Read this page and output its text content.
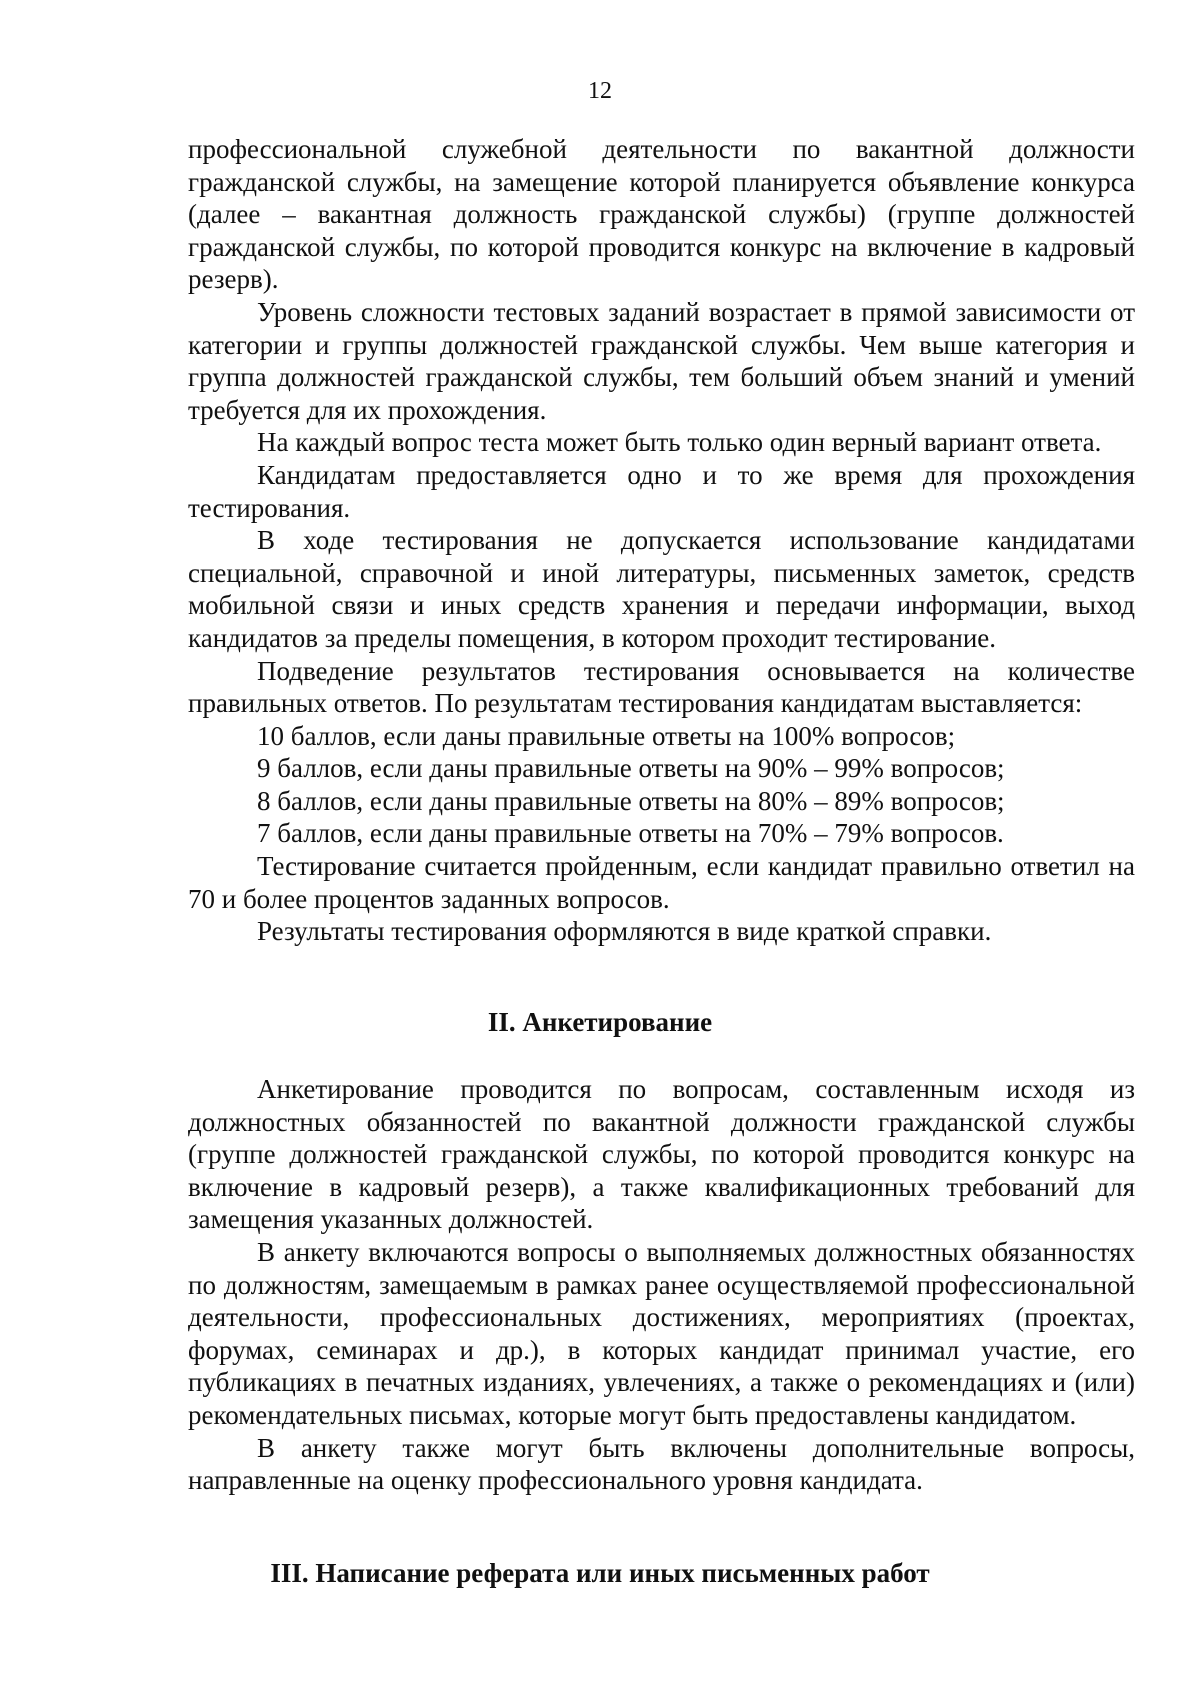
12

профессиональной служебной деятельности по вакантной должности гражданской службы, на замещение которой планируется объявление конкурса (далее – вакантная должность гражданской службы) (группе должностей гражданской службы, по которой проводится конкурс на включение в кадровый резерв).

Уровень сложности тестовых заданий возрастает в прямой зависимости от категории и группы должностей гражданской службы. Чем выше категория и группа должностей гражданской службы, тем больший объем знаний и умений требуется для их прохождения.

На каждый вопрос теста может быть только один верный вариант ответа.

Кандидатам предоставляется одно и то же время для прохождения тестирования.

В ходе тестирования не допускается использование кандидатами специальной, справочной и иной литературы, письменных заметок, средств мобильной связи и иных средств хранения и передачи информации, выход кандидатов за пределы помещения, в котором проходит тестирование.

Подведение результатов тестирования основывается на количестве правильных ответов. По результатам тестирования кандидатам выставляется:

10 баллов, если даны правильные ответы на 100% вопросов;

9 баллов, если даны правильные ответы на 90% – 99% вопросов;

8 баллов, если даны правильные ответы на 80% – 89% вопросов;

7 баллов, если даны правильные ответы на 70% – 79% вопросов.

Тестирование считается пройденным, если кандидат правильно ответил на 70 и более процентов заданных вопросов.

Результаты тестирования оформляются в виде краткой справки.

II. Анкетирование

Анкетирование проводится по вопросам, составленным исходя из должностных обязанностей по вакантной должности гражданской службы (группе должностей гражданской службы, по которой проводится конкурс на включение в кадровый резерв), а также квалификационных требований для замещения указанных должностей.

В анкету включаются вопросы о выполняемых должностных обязанностях по должностям, замещаемым в рамках ранее осуществляемой профессиональной деятельности, профессиональных достижениях, мероприятиях (проектах, форумах, семинарах и др.), в которых кандидат принимал участие, его публикациях в печатных изданиях, увлечениях, а также о рекомендациях и (или) рекомендательных письмах, которые могут быть предоставлены кандидатом.

В анкету также могут быть включены дополнительные вопросы, направленные на оценку профессионального уровня кандидата.

III. Написание реферата или иных письменных работ
